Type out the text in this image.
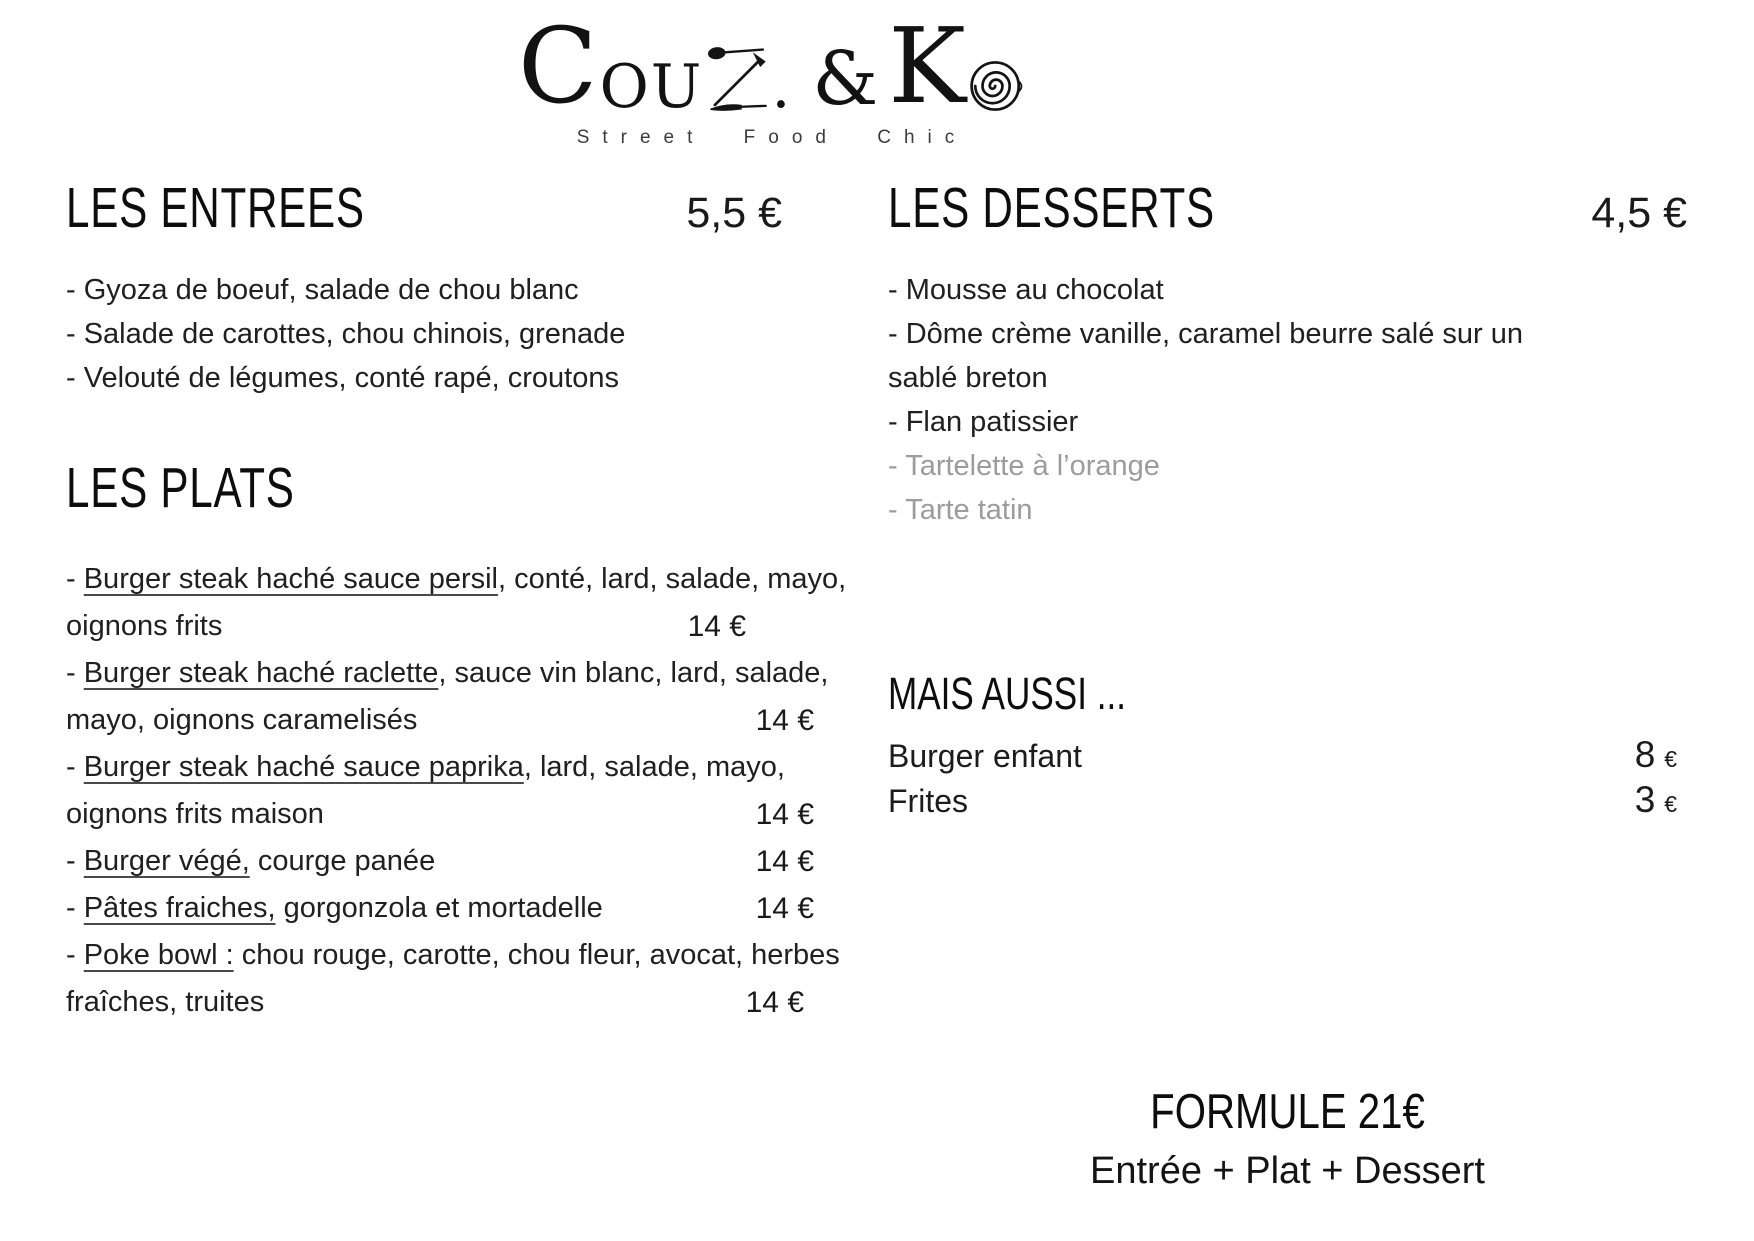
C OU . & K
Street Food Chic
LES ENTREES	5,5 €
- Gyoza de boeuf, salade de chou blanc
- Salade de carottes, chou chinois, grenade
- Velouté de légumes, conté rapé, croutons
LES PLATS
- Burger steak haché sauce persil, conté, lard, salade, mayo,
oignons frits	14 €
- Burger steak haché raclette, sauce vin blanc, lard, salade,
mayo, oignons caramelisés	14 €
- Burger steak haché sauce paprika, lard, salade, mayo,
oignons frits maison	14 €
- Burger végé, courge panée	14 €
- Pâtes fraiches, gorgonzola et mortadelle	14 €
- Poke bowl : chou rouge, carotte, chou fleur, avocat, herbes
fraîches, truites	14 €
LES DESSERTS	4,5 €
- Mousse au chocolat
- Dôme crème vanille, caramel beurre salé sur un
sablé breton
- Flan patissier
- Tartelette à l’orange
- Tarte tatin
MAIS AUSSI ...
Burger enfant	8 €
Frites	3 €
FORMULE 21€
Entrée + Plat + Dessert
